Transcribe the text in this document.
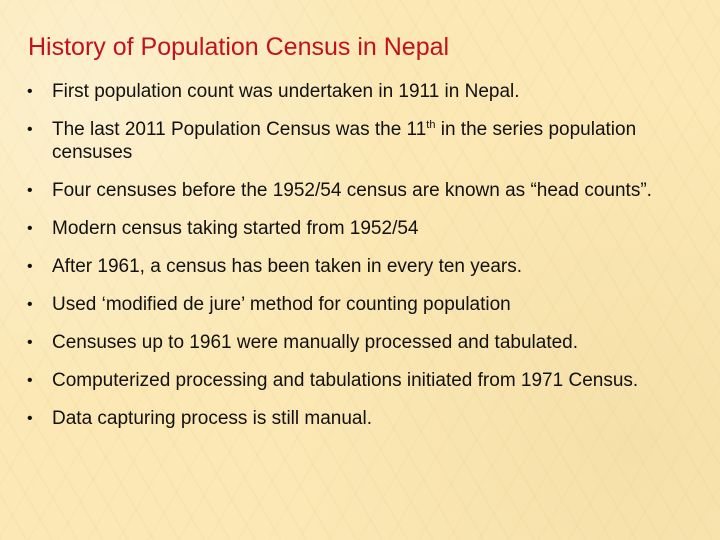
History of Population Census in Nepal
• First population count was undertaken in 1911 in Nepal.
• The last 2011 Population Census was the 11th in the series population censuses
• Four censuses before the 1952/54 census are known as “head counts”.
• Modern census taking started from 1952/54
• After 1961, a census has been taken in every ten years.
• Used ‘modified de jure’ method for counting population
• Censuses up to 1961 were manually processed and tabulated.
• Computerized processing and tabulations initiated from 1971 Census.
• Data capturing process is still manual.
